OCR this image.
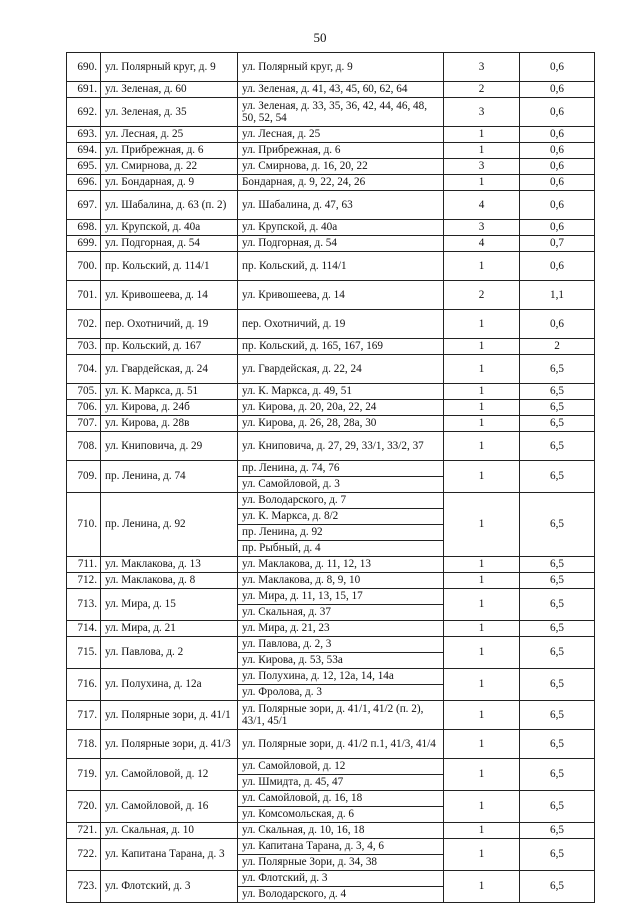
50
690.	ул. Полярный круг, д. 9	ул. Полярный круг, д. 9	3	0,6
691.	ул. Зеленая, д. 60	ул. Зеленая, д. 41, 43, 45, 60, 62, 64	2	0,6
692.	ул. Зеленая, д. 35	ул. Зеленая, д. 33, 35, 36, 42, 44, 46, 48, 50, 52, 54	3	0,6
693.	ул. Лесная, д. 25	ул. Лесная, д. 25	1	0,6
694.	ул. Прибрежная, д. 6	ул. Прибрежная, д. 6	1	0,6
695.	ул. Смирнова, д. 22	ул. Смирнова, д. 16, 20, 22	3	0,6
696.	ул. Бондарная, д. 9	Бондарная, д. 9, 22, 24, 26	1	0,6
697.	ул. Шабалина, д. 63 (п. 2)	ул. Шабалина, д. 47, 63	4	0,6
698.	ул. Крупской, д. 40а	ул. Крупской, д. 40а	3	0,6
699.	ул. Подгорная, д. 54	ул. Подгорная, д. 54	4	0,7
700.	пр. Кольский, д. 114/1	пр. Кольский, д. 114/1	1	0,6
701.	ул. Кривошеева, д. 14	ул. Кривошеева, д. 14	2	1,1
702.	пер. Охотничий, д. 19	пер. Охотничий, д. 19	1	0,6
703.	пр. Кольский, д. 167	пр. Кольский, д. 165, 167, 169	1	2
704.	ул. Гвардейская, д. 24	ул. Гвардейская, д. 22, 24	1	6,5
705.	ул. К. Маркса, д. 51	ул. К. Маркса, д. 49, 51	1	6,5
706.	ул. Кирова, д. 24б	ул. Кирова, д. 20, 20а, 22, 24	1	6,5
707.	ул. Кирова, д. 28в	ул. Кирова, д. 26, 28, 28а, 30	1	6,5
708.	ул. Книповича, д. 29	ул. Книповича, д. 27, 29, 33/1, 33/2, 37	1	6,5
709.	пр. Ленина, д. 74	пр. Ленина, д. 74, 76	1	6,5
		ул. Самойловой, д. 3		
710.	пр. Ленина, д. 92	ул. Володарского, д. 7	1	6,5
		ул. К. Маркса, д. 8/2		
		пр. Ленина, д. 92		
		пр. Рыбный, д. 4		
711.	ул. Маклакова, д. 13	ул. Маклакова, д. 11, 12, 13	1	6,5
712.	ул. Маклакова, д. 8	ул. Маклакова, д. 8, 9, 10	1	6,5
713.	ул. Мира, д. 15	ул. Мира, д. 11, 13, 15, 17	1	6,5
		ул. Скальная, д. 37		
714.	ул. Мира, д. 21	ул. Мира, д. 21, 23	1	6,5
715.	ул. Павлова, д. 2	ул. Павлова, д. 2, 3	1	6,5
		ул. Кирова, д. 53, 53а		
716.	ул. Полухина, д. 12а	ул. Полухина, д. 12, 12а, 14, 14а	1	6,5
		ул. Фролова, д. 3		
717.	ул. Полярные зори, д. 41/1	ул. Полярные зори, д. 41/1, 41/2 (п. 2), 43/1, 45/1	1	6,5
718.	ул. Полярные зори, д. 41/3	ул. Полярные зори, д. 41/2 п.1, 41/3, 41/4	1	6,5
719.	ул. Самойловой, д. 12	ул. Самойловой, д. 12	1	6,5
		ул. Шмидта, д. 45, 47		
720.	ул. Самойловой, д. 16	ул. Самойловой, д. 16, 18	1	6,5
		ул. Комсомольская, д. 6		
721.	ул. Скальная, д. 10	ул. Скальная, д. 10, 16, 18	1	6,5
722.	ул. Капитана Тарана, д. 3	ул. Капитана Тарана, д. 3, 4, 6	1	6,5
		ул. Полярные Зори, д. 34, 38		
723.	ул. Флотский, д. 3	ул. Флотский, д. 3	1	6,5
		ул. Володарского, д. 4		
